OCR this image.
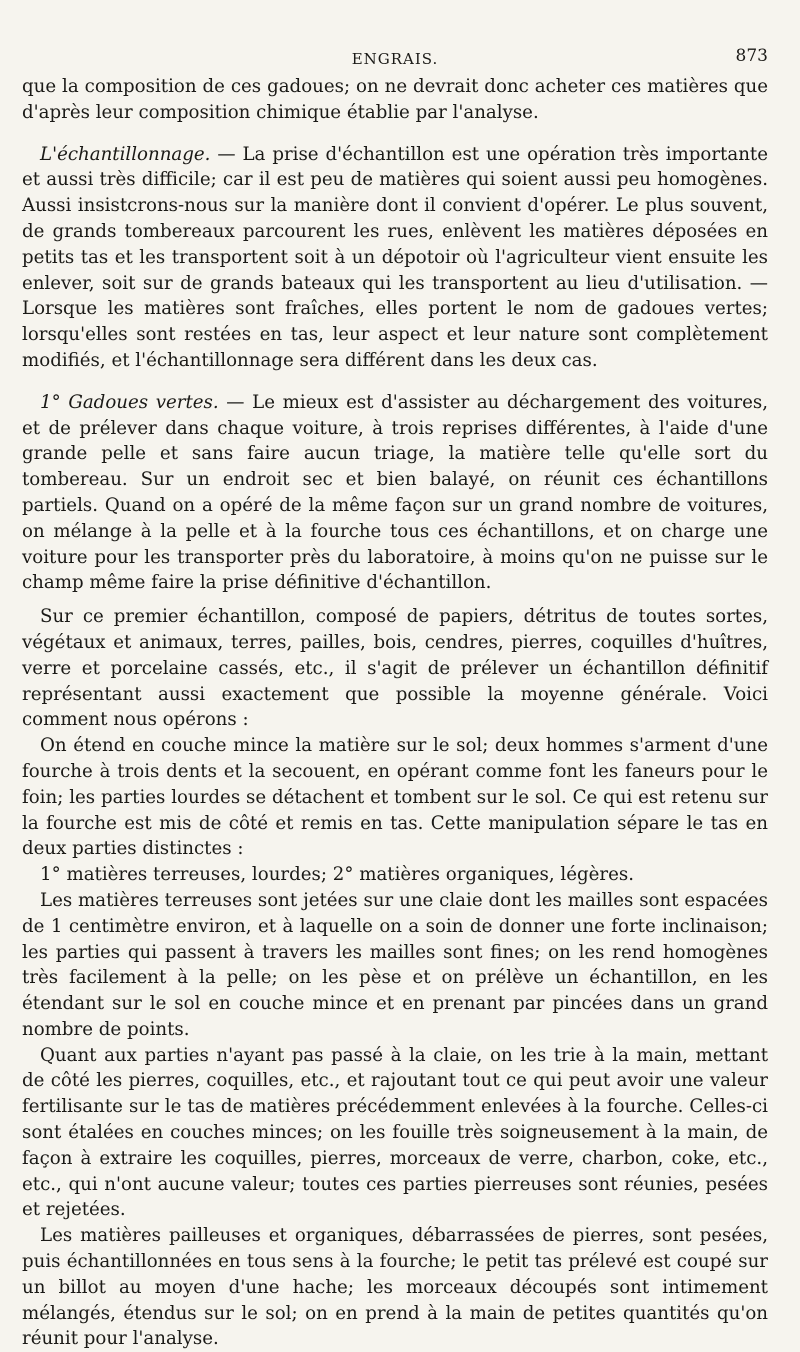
ENGRAIS.	873

que la composition de ces gadoues; on ne devrait donc acheter ces matières que d'après leur composition chimique établie par l'analyse.

L'échantillonnage. — La prise d'échantillon est une opération très importante et aussi très difficile; car il est peu de matières qui soient aussi peu homogènes. Aussi insistcrons-nous sur la manière dont il convient d'opérer. Le plus souvent, de grands tombereaux parcourent les rues, enlèvent les matières déposées en petits tas et les transportent soit à un dépotoir où l'agriculteur vient ensuite les enlever, soit sur de grands bateaux qui les transportent au lieu d'utilisation. — Lorsque les matières sont fraîches, elles portent le nom de gadoues vertes; lorsqu'elles sont restées en tas, leur aspect et leur nature sont complètement modifiés, et l'échantillonnage sera différent dans les deux cas.

1° Gadoues vertes. — Le mieux est d'assister au déchargement des voitures, et de prélever dans chaque voiture, à trois reprises différentes, à l'aide d'une grande pelle et sans faire aucun triage, la matière telle qu'elle sort du tombereau. Sur un endroit sec et bien balayé, on réunit ces échantillons partiels. Quand on a opéré de la même façon sur un grand nombre de voitures, on mélange à la pelle et à la fourche tous ces échantillons, et on charge une voiture pour les transporter près du laboratoire, à moins qu'on ne puisse sur le champ même faire la prise définitive d'échantillon.

Sur ce premier échantillon, composé de papiers, détritus de toutes sortes, végétaux et animaux, terres, pailles, bois, cendres, pierres, coquilles d'huîtres, verre et porcelaine cassés, etc., il s'agit de prélever un échantillon définitif représentant aussi exactement que possible la moyenne générale. Voici comment nous opérons :

On étend en couche mince la matière sur le sol; deux hommes s'arment d'une fourche à trois dents et la secouent, en opérant comme font les faneurs pour le foin; les parties lourdes se détachent et tombent sur le sol. Ce qui est retenu sur la fourche est mis de côté et remis en tas. Cette manipulation sépare le tas en deux parties distinctes :

1° matières terreuses, lourdes; 2° matières organiques, légères.

Les matières terreuses sont jetées sur une claie dont les mailles sont espacées de 1 centimètre environ, et à laquelle on a soin de donner une forte inclinaison; les parties qui passent à travers les mailles sont fines; on les rend homogènes très facilement à la pelle; on les pèse et on prélève un échantillon, en les étendant sur le sol en couche mince et en prenant par pincées dans un grand nombre de points.

Quant aux parties n'ayant pas passé à la claie, on les trie à la main, mettant de côté les pierres, coquilles, etc., et rajoutant tout ce qui peut avoir une valeur fertilisante sur le tas de matières précédemment enlevées à la fourche. Celles-ci sont étalées en couches minces; on les fouille très soigneusement à la main, de façon à extraire les coquilles, pierres, morceaux de verre, charbon, coke, etc., etc., qui n'ont aucune valeur; toutes ces parties pierreuses sont réunies, pesées et rejetées.

Les matières pailleuses et organiques, débarrassées de pierres, sont pesées, puis échantillonnées en tous sens à la fourche; le petit tas prélevé est coupé sur un billot au moyen d'une hache; les morceaux découpés sont intimement mélangés, étendus sur le sol; on en prend à la main de petites quantités qu'on réunit pour l'analyse.
